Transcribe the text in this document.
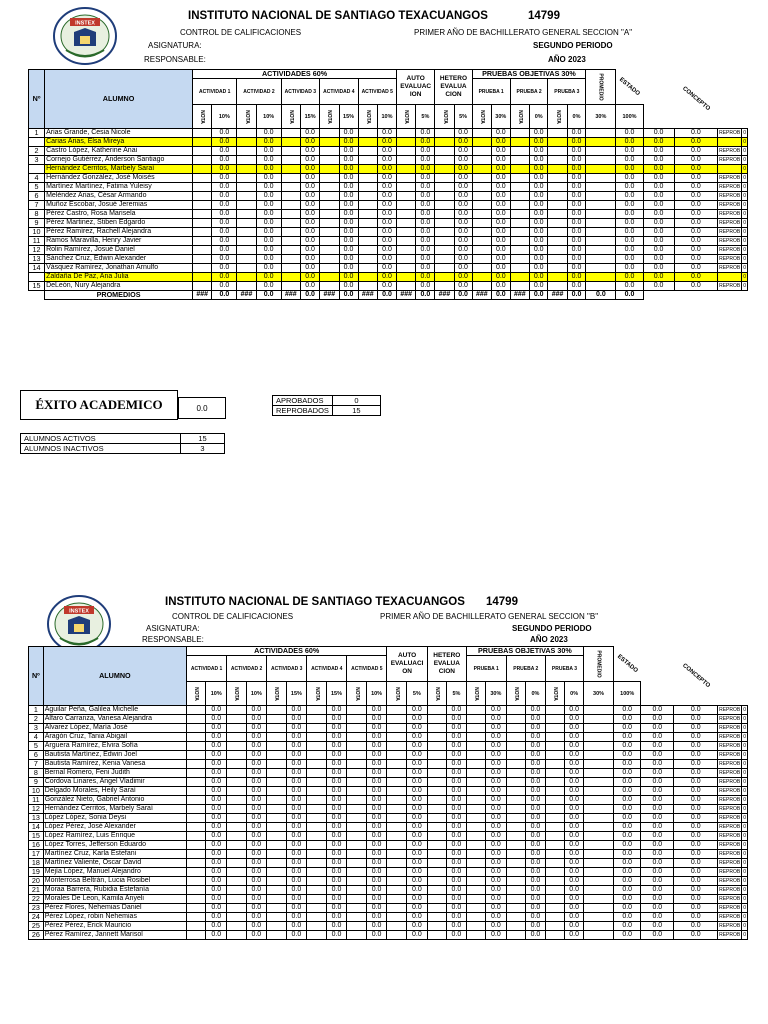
INSTEX
INSTITUTO NACIONAL DE SANTIAGO TEXACUANGOS	14799
CONTROL DE CALIFICACIONES	PRIMER AÑO DE BACHILLERATO GENERAL SECCION "A"
ASIGNATURA:	SEGUNDO PERIODO
RESPONSABLE:	AÑO 2023
Nº	ALUMNO	ACTIVIDADES 60%										AUTO EVALUAC ION		HETERO EVALUA CION		PRUEBAS OBJETIVAS 30%						PROMEDIO	ESTADO		CONCEPTO		
		ACTIVIDAD 1		ACTIVIDAD 2		ACTIVIDAD 3		ACTIVIDAD 4		ACTIVIDAD 5						PRUEBA 1		PRUEBA 2		PRUEBA 3							
		NOTA	10%	NOTA	10%	NOTA	15%	NOTA	15%	NOTA	10%	NOTA	5%	NOTA	5%	NOTA	30%	NOTA	0%	NOTA	0%	30%	100%				
1	Arias Grande, Cesia Nicole		0.0		0.0		0.0		0.0		0.0		0.0		0.0		0.0		0.0		0.0		0.0	0.0	0.0	REPROB	0
	Carias Arias, Elsa Mireya		0.0		0.0		0.0		0.0		0.0		0.0		0.0		0.0		0.0		0.0		0.0	0.0	0.0		0
2	Castro López, Katherine Anai		0.0		0.0		0.0		0.0		0.0		0.0		0.0		0.0		0.0		0.0		0.0	0.0	0.0	REPROB	0
3	Cornejo Gutiérrez, Anderson Santiago		0.0		0.0		0.0		0.0		0.0		0.0		0.0		0.0		0.0		0.0		0.0	0.0	0.0	REPROB	0
	Hernández Cerritos, Marbely Saraí		0.0		0.0		0.0		0.0		0.0		0.0		0.0		0.0		0.0		0.0		0.0	0.0	0.0		0
4	Hernández González, José Moisés		0.0		0.0		0.0		0.0		0.0		0.0		0.0		0.0		0.0		0.0		0.0	0.0	0.0	REPROB	0
5	Martínez Martínez, Fatima Yuleisy		0.0		0.0		0.0		0.0		0.0		0.0		0.0		0.0		0.0		0.0		0.0	0.0	0.0	REPROB	0
6	Meléndez Arias, César Armando		0.0		0.0		0.0		0.0		0.0		0.0		0.0		0.0		0.0		0.0		0.0	0.0	0.0	REPROB	0
7	Muñoz Escobar, Josué Jeremias		0.0		0.0		0.0		0.0		0.0		0.0		0.0		0.0		0.0		0.0		0.0	0.0	0.0	REPROB	0
8	Pérez Castro, Rosa Marisela		0.0		0.0		0.0		0.0		0.0		0.0		0.0		0.0		0.0		0.0		0.0	0.0	0.0	REPROB	0
9	Pérez Martinez, Stiben Edgardo		0.0		0.0		0.0		0.0		0.0		0.0		0.0		0.0		0.0		0.0		0.0	0.0	0.0	REPROB	0
10	Pérez Ramírez, Rachell Alejandra		0.0		0.0		0.0		0.0		0.0		0.0		0.0		0.0		0.0		0.0		0.0	0.0	0.0	REPROB	0
11	Ramos Maravilla, Henry Javier		0.0		0.0		0.0		0.0		0.0		0.0		0.0		0.0		0.0		0.0		0.0	0.0	0.0	REPROB	0
12	Rolin Ramírez, Josué Daniel		0.0		0.0		0.0		0.0		0.0		0.0		0.0		0.0		0.0		0.0		0.0	0.0	0.0	REPROB	0
13	Sánchez Cruz, Edwin Alexander		0.0		0.0		0.0		0.0		0.0		0.0		0.0		0.0		0.0		0.0		0.0	0.0	0.0	REPROB	0
14	Vásquez Ramírez, Jonathan Arnulfo		0.0		0.0		0.0		0.0		0.0		0.0		0.0		0.0		0.0		0.0		0.0	0.0	0.0	REPROB	0
	Zaldaña De Paz, Ana Julia		0.0		0.0		0.0		0.0		0.0		0.0		0.0		0.0		0.0		0.0		0.0	0.0	0.0		0
15	DeLeón, Nury Alejandra		0.0		0.0		0.0		0.0		0.0		0.0		0.0		0.0		0.0		0.0		0.0	0.0	0.0	REPROB	0
	PROMEDIOS	###	0.0	###	0.0	###	0.0	###	0.0	###	0.0	###	0.0	###	0.0	###	0.0	###	0.0	###	0.0	0.0	0.0				
ÉXITO ACADEMICO	0.0
APROBADOS	0
REPROBADOS	15
ALUMNOS ACTIVOS	15
ALUMNOS INACTIVOS	3
INSTEX
INSTITUTO NACIONAL DE SANTIAGO TEXACUANGOS 14799
CONTROL DE CALIFICACIONES	PRIMER AÑO DE BACHILLERATO GENERAL SECCION "B"
ASIGNATURA:	SEGUNDO PERIODO
RESPONSABLE:	AÑO 2023
Nº	ALUMNO	ACTIVIDADES 60%										AUTO EVALUACI ON		HETERO EVALUA CION		PRUEBAS OBJETIVAS 30%						PROMEDIO	ESTADO		CONCEPTO		
		ACTIVIDAD 1		ACTIVIDAD 2		ACTIVIDAD 3		ACTIVIDAD 4		ACTIVIDAD 5						PRUEBA 1		PRUEBA 2		PRUEBA 3							
		NOTA	10%	NOTA	10%	NOTA	15%	NOTA	15%	NOTA	10%	NOTA	5%	NOTA	5%	NOTA	30%	NOTA	0%	NOTA	0%	30%	100%				
1	Aguilar Peña, Galilea Michelle		0.0		0.0		0.0		0.0		0.0		0.0		0.0		0.0		0.0		0.0		0.0	0.0	0.0	REPROB	0
2	Alfaro Carranza, Vanesa Alejandra		0.0		0.0		0.0		0.0		0.0		0.0		0.0		0.0		0.0		0.0		0.0	0.0	0.0	REPROB	0
3	Alvarez López, María José		0.0		0.0		0.0		0.0		0.0		0.0		0.0		0.0		0.0		0.0		0.0	0.0	0.0	REPROB	0
4	Aragón Cruz, Tania Abigail		0.0		0.0		0.0		0.0		0.0		0.0		0.0		0.0		0.0		0.0		0.0	0.0	0.0	REPROB	0
5	Arguera Ramírez, Elvira Sofía		0.0		0.0		0.0		0.0		0.0		0.0		0.0		0.0		0.0		0.0		0.0	0.0	0.0	REPROB	0
6	Bautista Martínez, Edwin Joel		0.0		0.0		0.0		0.0		0.0		0.0		0.0		0.0		0.0		0.0		0.0	0.0	0.0	REPROB	0
7	Bautista Ramírez, Kenia Vanesa		0.0		0.0		0.0		0.0		0.0		0.0		0.0		0.0		0.0		0.0		0.0	0.0	0.0	REPROB	0
8	Bernal Romero, Feni Judith		0.0		0.0		0.0		0.0		0.0		0.0		0.0		0.0		0.0		0.0		0.0	0.0	0.0	REPROB	0
9	Cordova Linares, Angel Vladimir		0.0		0.0		0.0		0.0		0.0		0.0		0.0		0.0		0.0		0.0		0.0	0.0	0.0	REPROB	0
10	Delgado Morales, Heily Saraí		0.0		0.0		0.0		0.0		0.0		0.0		0.0		0.0		0.0		0.0		0.0	0.0	0.0	REPROB	0
11	González Nieto, Gabriel Antonio		0.0		0.0		0.0		0.0		0.0		0.0		0.0		0.0		0.0		0.0		0.0	0.0	0.0	REPROB	0
12	Hernández Cerritos, Marbely Saraí		0.0		0.0		0.0		0.0		0.0		0.0		0.0		0.0		0.0		0.0		0.0	0.0	0.0	REPROB	0
13	López López, Sonia Deysi		0.0		0.0		0.0		0.0		0.0		0.0		0.0		0.0		0.0		0.0		0.0	0.0	0.0	REPROB	0
14	López Pérez, José Alexander		0.0		0.0		0.0		0.0		0.0		0.0		0.0		0.0		0.0		0.0		0.0	0.0	0.0	REPROB	0
15	López Ramírez, Luis Enrique		0.0		0.0		0.0		0.0		0.0		0.0		0.0		0.0		0.0		0.0		0.0	0.0	0.0	REPROB	0
16	López Torres, Jefferson Eduardo		0.0		0.0		0.0		0.0		0.0		0.0		0.0		0.0		0.0		0.0		0.0	0.0	0.0	REPROB	0
17	Martínez Cruz, Karla Estefani		0.0		0.0		0.0		0.0		0.0		0.0		0.0		0.0		0.0		0.0		0.0	0.0	0.0	REPROB	0
18	Martínez Valiente, Oscar David		0.0		0.0		0.0		0.0		0.0		0.0		0.0		0.0		0.0		0.0		0.0	0.0	0.0	REPROB	0
19	Mejía López, Manuel Alejandro		0.0		0.0		0.0		0.0		0.0		0.0		0.0		0.0		0.0		0.0		0.0	0.0	0.0	REPROB	0
20	Monterrosa Beltrán, Lucia Rosibel		0.0		0.0		0.0		0.0		0.0		0.0		0.0		0.0		0.0		0.0		0.0	0.0	0.0	REPROB	0
21	Moraa Barrera, Rubidia Estefanía		0.0		0.0		0.0		0.0		0.0		0.0		0.0		0.0		0.0		0.0		0.0	0.0	0.0	REPROB	0
22	Morales De Leon, Kamila Anyeli		0.0		0.0		0.0		0.0		0.0		0.0		0.0		0.0		0.0		0.0		0.0	0.0	0.0	REPROB	0
23	Pérez Flores, Nehemias Daniel		0.0		0.0		0.0		0.0		0.0		0.0		0.0		0.0		0.0		0.0		0.0	0.0	0.0	REPROB	0
24	Pérez López, robin Nehemias		0.0		0.0		0.0		0.0		0.0		0.0		0.0		0.0		0.0		0.0		0.0	0.0	0.0	REPROB	0
25	Pérez Pérez, Erick Mauricio		0.0		0.0		0.0		0.0		0.0		0.0		0.0		0.0		0.0		0.0		0.0	0.0	0.0	REPROB	0
26	Pérez Ramírez, Jannett Marisol		0.0		0.0		0.0		0.0		0.0		0.0		0.0		0.0		0.0		0.0		0.0	0.0	0.0	REPROB	0
